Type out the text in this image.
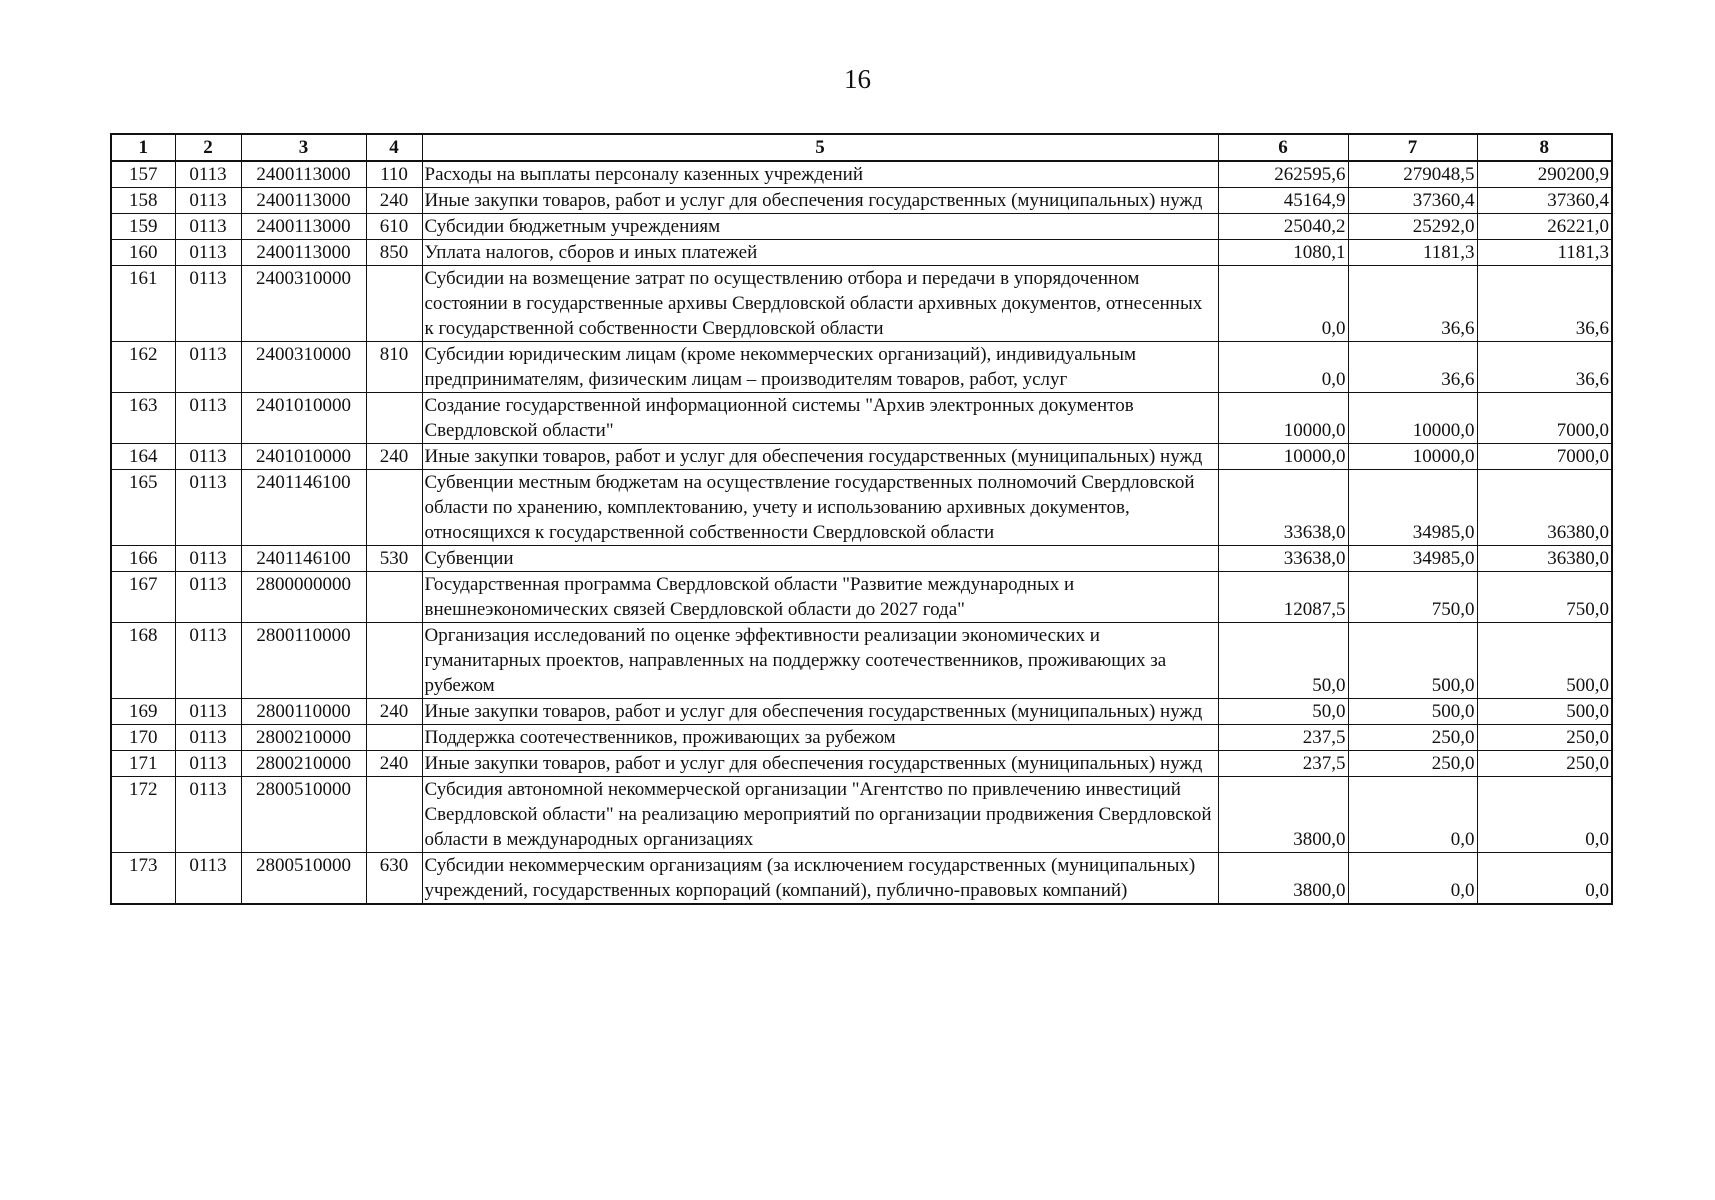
16
1	2	3	4	5	6	7	8
157	0113	2400113000	110	Расходы на выплаты персоналу казенных учреждений	262595,6	279048,5	290200,9
158	0113	2400113000	240	Иные закупки товаров, работ и услуг для обеспечения государственных (муниципальных) нужд	45164,9	37360,4	37360,4
159	0113	2400113000	610	Субсидии бюджетным учреждениям	25040,2	25292,0	26221,0
160	0113	2400113000	850	Уплата налогов, сборов и иных платежей	1080,1	1181,3	1181,3
161	0113	2400310000		Субсидии на возмещение затрат по осуществлению отбора и передачи в упорядоченном состоянии в государственные архивы Свердловской области архивных документов, отнесенных к государственной собственности Свердловской области	0,0	36,6	36,6
162	0113	2400310000	810	Субсидии юридическим лицам (кроме некоммерческих организаций), индивидуальным предпринимателям, физическим лицам – производителям товаров, работ, услуг	0,0	36,6	36,6
163	0113	2401010000		Создание государственной информационной системы "Архив электронных документов Свердловской области"	10000,0	10000,0	7000,0
164	0113	2401010000	240	Иные закупки товаров, работ и услуг для обеспечения государственных (муниципальных) нужд	10000,0	10000,0	7000,0
165	0113	2401146100		Субвенции местным бюджетам на осуществление государственных полномочий Свердловской области по хранению, комплектованию, учету и использованию архивных документов, относящихся к государственной собственности Свердловской области	33638,0	34985,0	36380,0
166	0113	2401146100	530	Субвенции	33638,0	34985,0	36380,0
167	0113	2800000000		Государственная программа Свердловской области "Развитие международных и внешнеэкономических связей Свердловской области до 2027 года"	12087,5	750,0	750,0
168	0113	2800110000		Организация исследований по оценке эффективности реализации экономических и гуманитарных проектов, направленных на поддержку соотечественников, проживающих за рубежом	50,0	500,0	500,0
169	0113	2800110000	240	Иные закупки товаров, работ и услуг для обеспечения государственных (муниципальных) нужд	50,0	500,0	500,0
170	0113	2800210000		Поддержка соотечественников, проживающих за рубежом	237,5	250,0	250,0
171	0113	2800210000	240	Иные закупки товаров, работ и услуг для обеспечения государственных (муниципальных) нужд	237,5	250,0	250,0
172	0113	2800510000		Субсидия автономной некоммерческой организации "Агентство по привлечению инвестиций Свердловской области" на реализацию мероприятий по организации продвижения Свердловской области в международных организациях	3800,0	0,0	0,0
173	0113	2800510000	630	Субсидии некоммерческим организациям (за исключением государственных (муниципальных) учреждений, государственных корпораций (компаний), публично-правовых компаний)	3800,0	0,0	0,0
